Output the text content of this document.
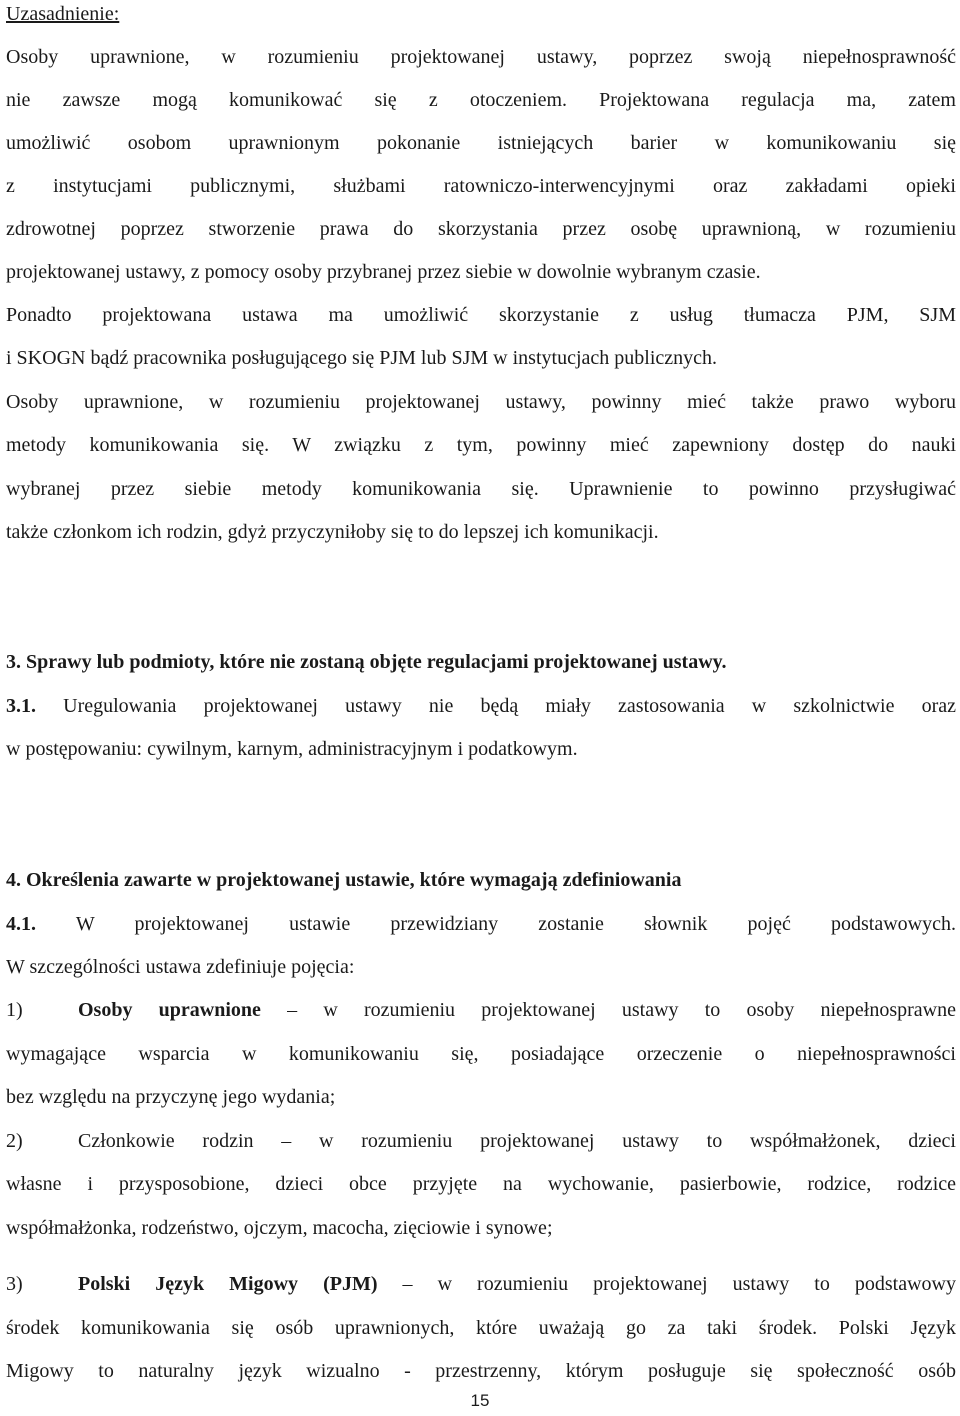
Uzasadnienie:
Osoby uprawnione, w rozumieniu projektowanej ustawy, poprzez swoją niepełnosprawność
nie zawsze mogą komunikować się z otoczeniem. Projektowana regulacja ma, zatem
umożliwić osobom uprawnionym pokonanie istniejących barier w komunikowaniu się
z instytucjami publicznymi, służbami ratowniczo-interwencyjnymi oraz zakładami opieki
zdrowotnej poprzez stworzenie prawa do skorzystania przez osobę uprawnioną, w rozumieniu
projektowanej ustawy, z pomocy osoby przybranej przez siebie w dowolnie wybranym czasie.
Ponadto projektowana ustawa ma umożliwić skorzystanie z usług tłumacza PJM, SJM
i SKOGN bądź pracownika posługującego się PJM lub SJM w instytucjach publicznych.
Osoby uprawnione, w rozumieniu projektowanej ustawy, powinny mieć także prawo wyboru
metody komunikowania się. W związku z tym, powinny mieć zapewniony dostęp do nauki
wybranej przez siebie metody komunikowania się. Uprawnienie to powinno przysługiwać
także członkom ich rodzin, gdyż przyczyniłoby się to do lepszej ich komunikacji.
3. Sprawy lub podmioty, które nie zostaną objęte regulacjami projektowanej ustawy.
3.1. Uregulowania projektowanej ustawy nie będą miały zastosowania w szkolnictwie oraz
w postępowaniu: cywilnym, karnym, administracyjnym i podatkowym.
4. Określenia zawarte w projektowanej ustawie, które wymagają zdefiniowania
4.1. W projektowanej ustawie przewidziany zostanie słownik pojęć podstawowych.
W szczególności ustawa zdefiniuje pojęcia:
1)	Osoby uprawnione – w rozumieniu projektowanej ustawy to osoby niepełnosprawne
wymagające wsparcia w komunikowaniu się, posiadające orzeczenie o niepełnosprawności
bez względu na przyczynę jego wydania;
2)	Członkowie rodzin – w rozumieniu projektowanej ustawy to współmałżonek, dzieci
własne i przysposobione, dzieci obce przyjęte na wychowanie, pasierbowie, rodzice, rodzice
współmałżonka, rodzeństwo, ojczym, macocha, zięciowie i synowe;
3)	Polski Język Migowy (PJM) – w rozumieniu projektowanej ustawy to podstawowy
środek komunikowania się osób uprawnionych, które uważają go za taki środek. Polski Język
Migowy to naturalny język wizualno - przestrzenny, którym posługuje się społeczność osób
15
